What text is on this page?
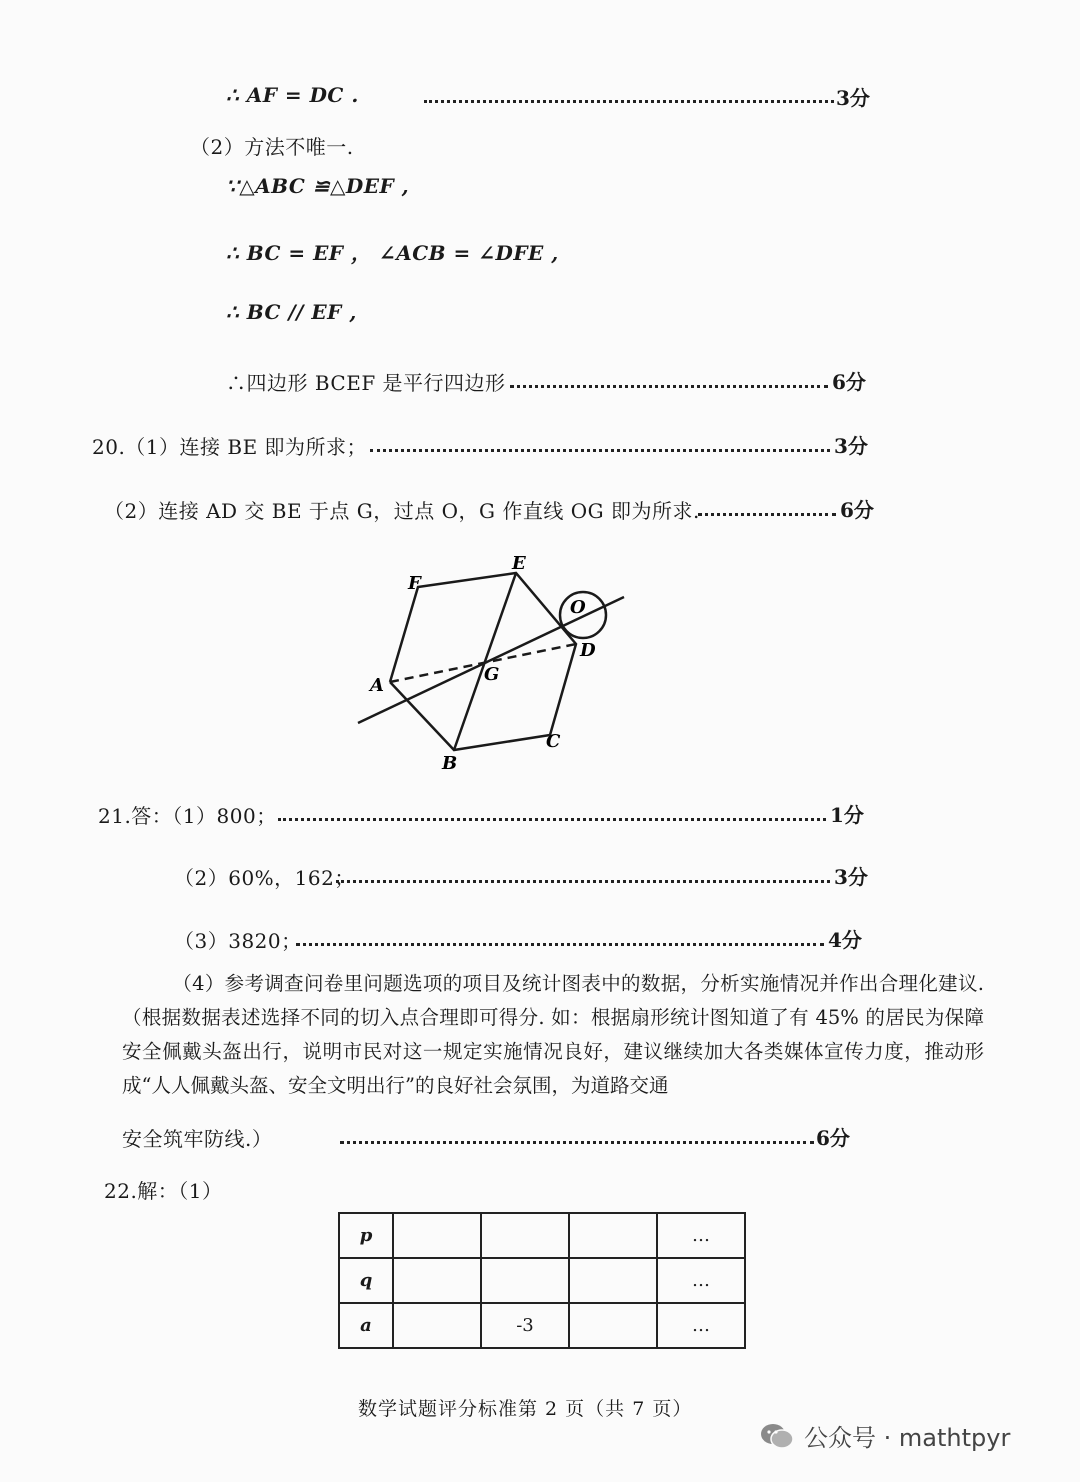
∴ AF = DC .	3分
（2）方法不唯一.
∵△ABC ≌△DEF ,
∴ BC = EF ， ∠ACB = ∠DFE ,
∴ BC // EF ,
∴四边形 BCEF 是平行四边形	6分
20.（1）连接 BE 即为所求；	3分
（2）连接 AD 交 BE 于点 G，过点 O，G 作直线 OG 即为所求.	6分
O
F
E
D
A
G
C
B
21.答：（1）800；	1分
（2）60%，162；	3分
（3）3820；	4分
（4）参考调查问卷里问题选项的项目及统计图表中的数据，分析实施情况并作出合理化建议.（根据数据表述选择不同的切入点合理即可得分. 如：根据扇形统计图知道了有 45% 的居民为保障安全佩戴头盔出行，说明市民对这一规定实施情况良好，建议继续加大各类媒体宣传力度，推动形成“人人佩戴头盔、安全文明出行”的良好社会氛围，为道路交通
安全筑牢防线.）	6分
22.解：（1）
p				…
q				…
a		-3		…
数学试题评分标准第 2 页（共 7 页）
公众号 · mathtpyr
